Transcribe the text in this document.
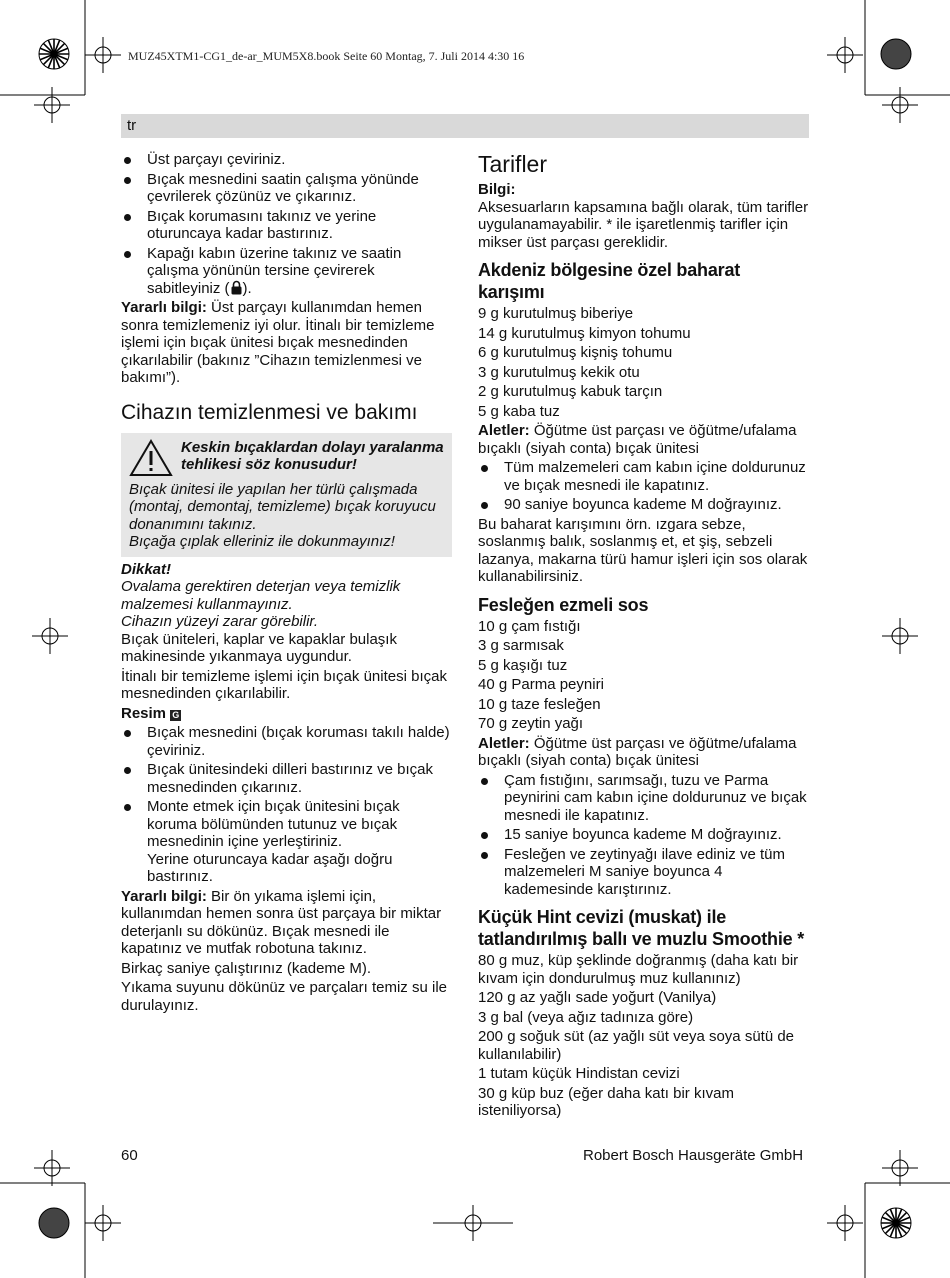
MUZ45XTM1-CG1_de-ar_MUM5X8.book Seite 60 Montag, 7. Juli 2014 4:30 16
tr
Üst parçayı çeviriniz.
Bıçak mesnedini saatin çalışma yönünde çevrilerek çözünüz ve çıkarınız.
Bıçak korumasını takınız ve yerine oturuncaya kadar bastırınız.
Kapağı kabın üzerine takınız ve saatin çalışma yönünün tersine çevirerek sabitleyiniz ( ).

Yararlı bilgi: Üst parçayı kullanımdan hemen sonra temizlemeniz iyi olur. İtinalı bir temizleme işlemi için bıçak ünitesi bıçak mesnedinden çıkarılabilir (bakınız ”Cihazın temizlenmesi ve bakımı”).

Cihazın temizlenmesi ve bakımı
Keskin bıçaklardan dolayı yaralanma tehlikesi söz konusudur!
Bıçak ünitesi ile yapılan her türlü çalışmada (montaj, demontaj, temizleme) bıçak koruyucu donanımını takınız.
Bıçağa çıplak elleriniz ile dokunmayınız!
Dikkat!
Ovalama gerektiren deterjan veya temizlik malzemesi kullanmayınız.
Cihazın yüzeyi zarar görebilir.

Bıçak üniteleri, kaplar ve kapaklar bulaşık makinesinde yıkanmaya uygundur.

İtinalı bir temizleme işlemi için bıçak ünitesi bıçak mesnedinden çıkarılabilir.

Resim G

Bıçak mesnedini (bıçak koruması takılı halde) çeviriniz.
Bıçak ünitesindeki dilleri bastırınız ve bıçak mesnedinden çıkarınız.
Monte etmek için bıçak ünitesini bıçak koruma bölümünden tutunuz ve bıçak mesnedinin içine yerleştiriniz.
Yerine oturuncaya kadar aşağı doğru bastırınız.

Yararlı bilgi: Bir ön yıkama işlemi için, kullanımdan hemen sonra üst parçaya bir miktar deterjanlı su dökünüz. Bıçak mesnedi ile kapatınız ve mutfak robotuna takınız.

Birkaç saniye çalıştırınız (kademe M).

Yıkama suyunu dökünüz ve parçaları temiz su ile durulayınız.

Tarifler
Bilgi:

Aksesuarların kapsamına bağlı olarak, tüm tarifler uygulanamayabilir. * ile işaretlenmiş tarifler için mikser üst parçası gereklidir.

Akdeniz bölgesine özel baharat karışımı
9 g kurutulmuş biberiye
14 g kurutulmuş kimyon tohumu
6 g kurutulmuş kişniş tohumu
3 g kurutulmuş kekik otu
2 g kurutulmuş kabuk tarçın
5 g kaba tuz

Aletler: Öğütme üst parçası ve öğütme/ufalama bıçaklı (siyah conta) bıçak ünitesi

Tüm malzemeleri cam kabın içine doldurunuz ve bıçak mesnedi ile kapatınız.
90 saniye boyunca kademe M doğrayınız.

Bu baharat karışımını örn. ızgara sebze, soslanmış balık, soslanmış et, et şiş, sebzeli lazanya, makarna türü hamur işleri için sos olarak kullanabilirsiniz.

Fesleğen ezmeli sos
10 g çam fıstığı
3 g sarmısak
5 g kaşığı tuz
40 g Parma peyniri
10 g taze fesleğen
70 g zeytin yağı

Aletler: Öğütme üst parçası ve öğütme/ufalama bıçaklı (siyah conta) bıçak ünitesi

Çam fıstığını, sarımsağı, tuzu ve Parma peynirini cam kabın içine doldurunuz ve bıçak mesnedi ile kapatınız.
15 saniye boyunca kademe M doğrayınız.
Fesleğen ve zeytinyağı ilave ediniz ve tüm malzemeleri M saniye boyunca 4 kademesinde karıştırınız.
Küçük Hint cevizi (muskat) ile tatlandırılmış ballı ve muzlu Smoothie *
80 g muz, küp şeklinde doğranmış (daha katı bir kıvam için dondurulmuş muz kullanınız)
120 g az yağlı sade yoğurt (Vanilya)
3 g bal (veya ağız tadınıza göre)
200 g soğuk süt (az yağlı süt veya soya sütü de kullanılabilir)
1 tutam küçük Hindistan cevizi
30 g küp buz (eğer daha katı bir kıvam isteniliyorsa)
60	Robert Bosch Hausgeräte GmbH
